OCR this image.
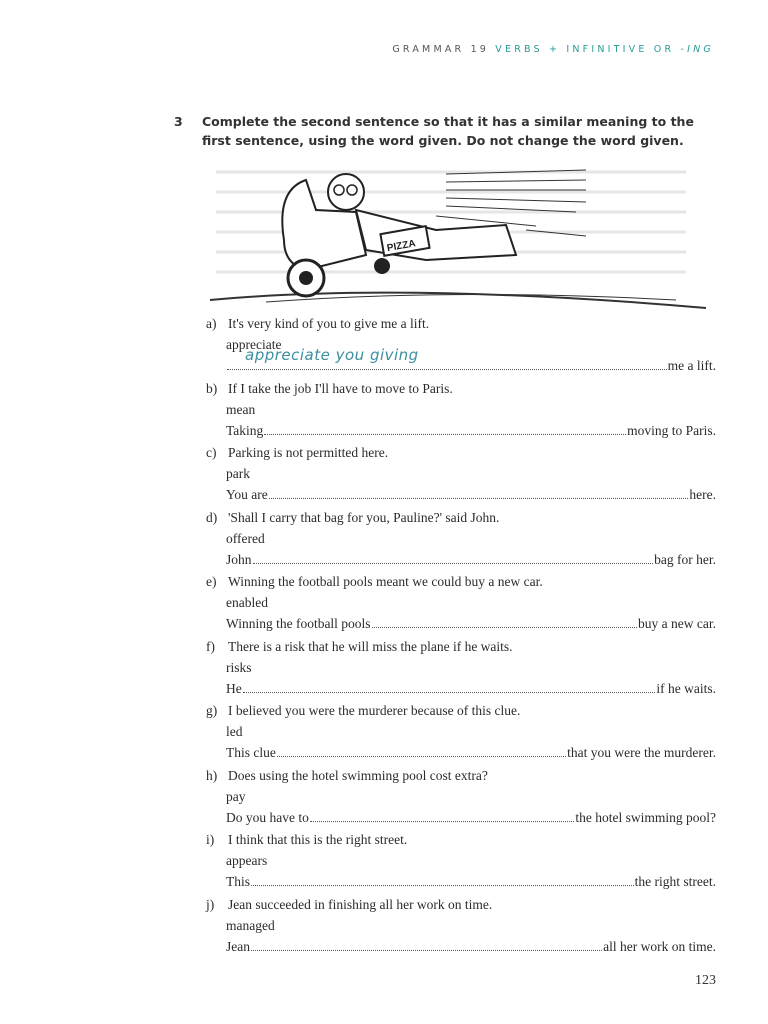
GRAMMAR 19 VERBS + INFINITIVE OR -ING
3 Complete the second sentence so that it has a similar meaning to the first sentence, using the word given. Do not change the word given.
PIZZA
a) It's very kind of you to give me a lift.
appreciate
appreciate you giving
me a lift.
b) If I take the job I'll have to move to Paris.
mean
Taking	moving to Paris.
c) Parking is not permitted here.
park
You are	here.
d) 'Shall I carry that bag for you, Pauline?' said John.
offered
John	bag for her.
e) Winning the football pools meant we could buy a new car.
enabled
Winning the football pools	buy a new car.
f) There is a risk that he will miss the plane if he waits.
risks
He	if he waits.
g) I believed you were the murderer because of this clue.
led
This clue	that you were the murderer.
h) Does using the hotel swimming pool cost extra?
pay
Do you have to	the hotel swimming pool?
i) I think that this is the right street.
appears
This	the right street.
j) Jean succeeded in finishing all her work on time.
managed
Jean	all her work on time.
123
